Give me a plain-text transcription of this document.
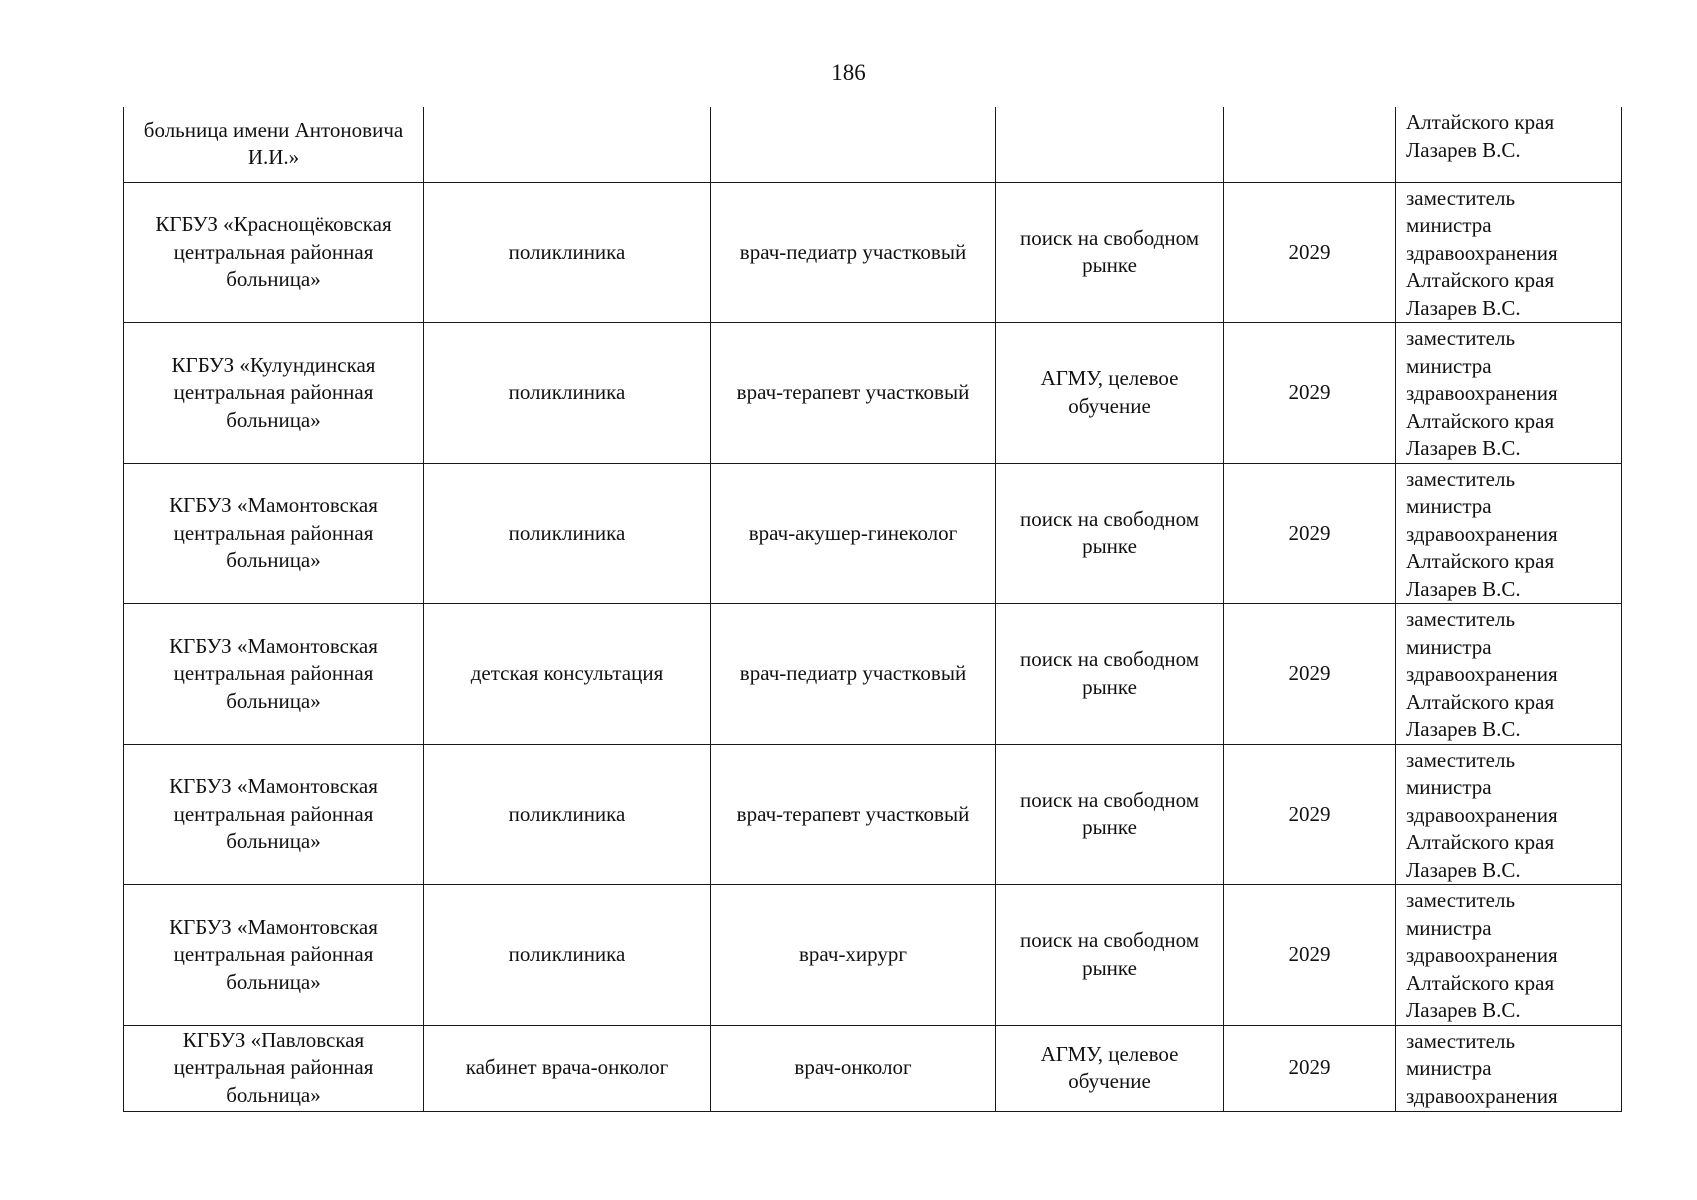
186
больница имени Антоновича И.И.»					Алтайского края
Лазарев В.С.
КГБУЗ «Краснощёковская центральная районная больница»	поликлиника	врач-педиатр участковый	поиск на свободном рынке	2029	заместитель
министра
здравоохранения
Алтайского края
Лазарев В.С.
КГБУЗ «Кулундинская центральная районная больница»	поликлиника	врач-терапевт участковый	АГМУ, целевое обучение	2029	заместитель
министра
здравоохранения
Алтайского края
Лазарев В.С.
КГБУЗ «Мамонтовская центральная районная больница»	поликлиника	врач-акушер-гинеколог	поиск на свободном рынке	2029	заместитель
министра
здравоохранения
Алтайского края
Лазарев В.С.
КГБУЗ «Мамонтовская центральная районная больница»	детская консультация	врач-педиатр участковый	поиск на свободном рынке	2029	заместитель
министра
здравоохранения
Алтайского края
Лазарев В.С.
КГБУЗ «Мамонтовская центральная районная больница»	поликлиника	врач-терапевт участковый	поиск на свободном рынке	2029	заместитель
министра
здравоохранения
Алтайского края
Лазарев В.С.
КГБУЗ «Мамонтовская центральная районная больница»	поликлиника	врач-хирург	поиск на свободном рынке	2029	заместитель
министра
здравоохранения
Алтайского края
Лазарев В.С.
КГБУЗ «Павловская центральная районная больница»	кабинет врача-онколог	врач-онколог	АГМУ, целевое обучение	2029	заместитель
министра
здравоохранения
